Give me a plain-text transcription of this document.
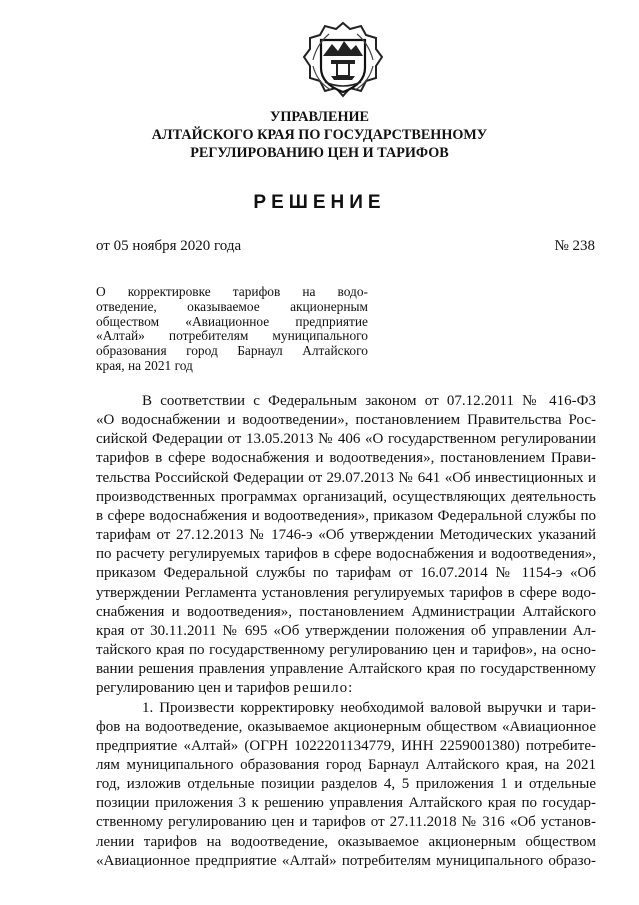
УПРАВЛЕНИЕ
АЛТАЙСКОГО КРАЯ ПО ГОСУДАРСТВЕННОМУ
РЕГУЛИРОВАНИЮ ЦЕН И ТАРИФОВ
РЕШЕНИЕ
от 05 ноября 2020 года	№ 238
О корректировке тарифов на водо-
отведение, оказываемое акционерным
обществом «Авиационное предприятие
«Алтай» потребителям муниципального
образования город Барнаул Алтайского
края, на 2021 год
В соответствии с Федеральным законом от 07.12.2011 № 416-ФЗ
«О водоснабжении и водоотведении», постановлением Правительства Рос-
сийской Федерации от 13.05.2013 № 406 «О государственном регулировании
тарифов в сфере водоснабжения и водоотведения», постановлением Прави-
тельства Российской Федерации от 29.07.2013 № 641 «Об инвестиционных и
производственных программах организаций, осуществляющих деятельность
в сфере водоснабжения и водоотведения», приказом Федеральной службы по
тарифам от 27.12.2013 № 1746-э «Об утверждении Методических указаний
по расчету регулируемых тарифов в сфере водоснабжения и водоотведения»,
приказом Федеральной службы по тарифам от 16.07.2014 № 1154-э «Об
утверждении Регламента установления регулируемых тарифов в сфере водо-
снабжения и водоотведения», постановлением Администрации Алтайского
края от 30.11.2011 № 695 «Об утверждении положения об управлении Ал-
тайского края по государственному регулированию цен и тарифов», на осно-
вании решения правления управление Алтайского края по государственному
регулированию цен и тарифов решило:
1. Произвести корректировку необходимой валовой выручки и тари-
фов на водоотведение, оказываемое акционерным обществом «Авиационное
предприятие «Алтай» (ОГРН 1022201134779, ИНН 2259001380) потребите-
лям муниципального образования город Барнаул Алтайского края, на 2021
год, изложив отдельные позиции разделов 4, 5 приложения 1 и отдельные
позиции приложения 3 к решению управления Алтайского края по государ-
ственному регулированию цен и тарифов от 27.11.2018 № 316 «Об установ-
лении тарифов на водоотведение, оказываемое акционерным обществом
«Авиационное предприятие «Алтай» потребителям муниципального образо-
